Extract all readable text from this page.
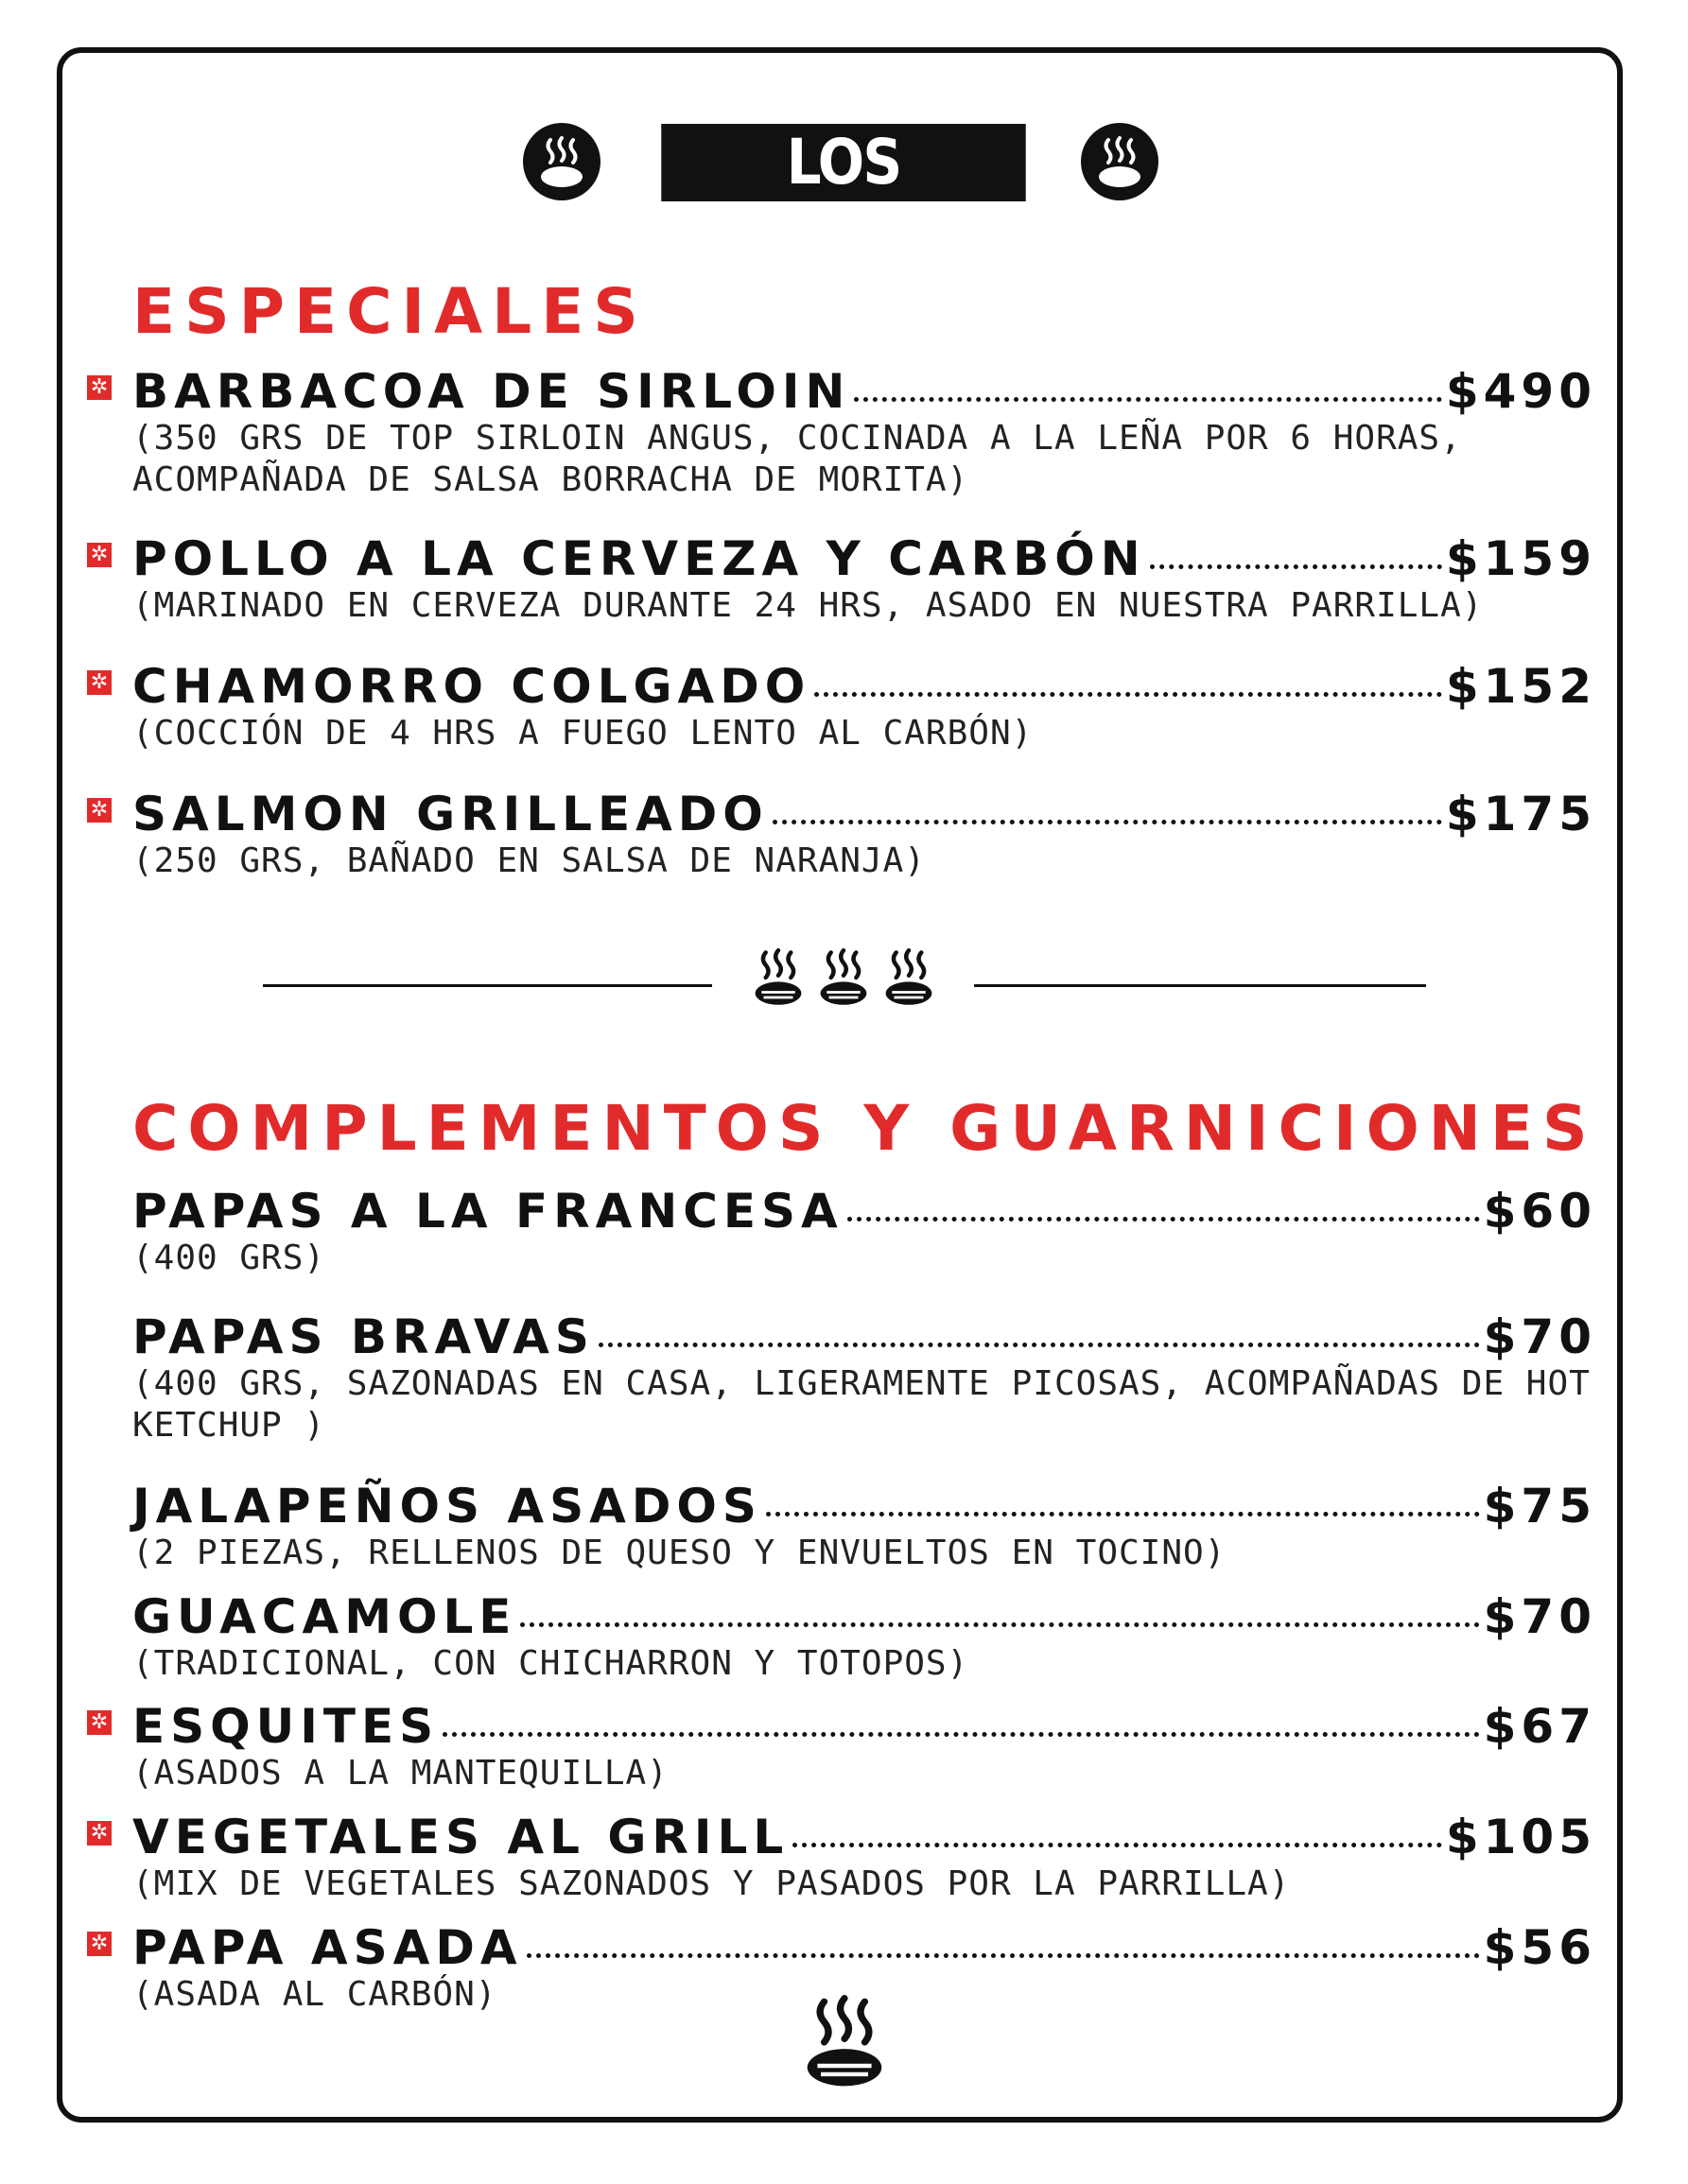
LOS ASADOS
ESPECIALES
✲ BARBACOA DE SIRLOIN	$490
(350 GRS DE TOP SIRLOIN ANGUS, COCINADA A LA LEÑA POR 6 HORAS, ACOMPAÑADA DE SALSA BORRACHA DE MORITA)
✲ POLLO A LA CERVEZA Y CARBÓN	$159
(MARINADO EN CERVEZA DURANTE 24 HRS, ASADO EN NUESTRA PARRILLA)
✲ CHAMORRO COLGADO	$152
(COCCIÓN DE 4 HRS A FUEGO LENTO AL CARBÓN)
✲ SALMON GRILLEADO	$175
(250 GRS, BAÑADO EN SALSA DE NARANJA)
COMPLEMENTOS Y GUARNICIONES
PAPAS A LA FRANCESA	$60
(400 GRS)
PAPAS BRAVAS	$70
(400 GRS, SAZONADAS EN CASA, LIGERAMENTE PICOSAS, ACOMPAÑADAS DE HOT KETCHUP )
JALAPEÑOS ASADOS	$75
(2 PIEZAS, RELLENOS DE QUESO Y ENVUELTOS EN TOCINO)
GUACAMOLE	$70
(TRADICIONAL, CON CHICHARRON Y TOTOPOS)
✲ ESQUITES	$67
(ASADOS A LA MANTEQUILLA)
✲ VEGETALES AL GRILL	$105
(MIX DE VEGETALES SAZONADOS Y PASADOS POR LA PARRILLA)
✲ PAPA ASADA	$56
(ASADA AL CARBÓN)
